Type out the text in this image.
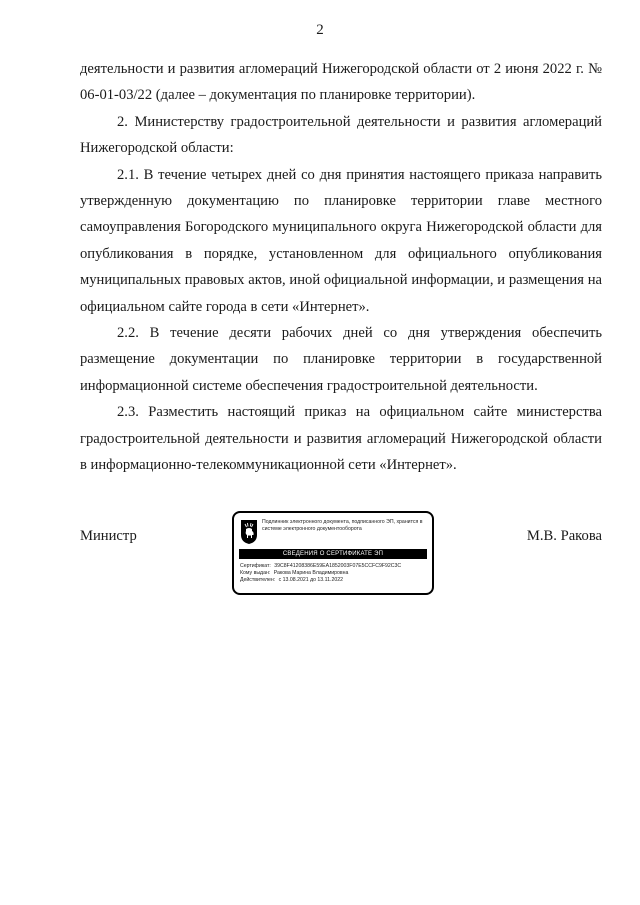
2

деятельности и развития агломераций Нижегородской области от 2 июня 2022 г. № 06-01-03/22 (далее – документация по планировке территории).

2. Министерству градостроительной деятельности и развития агломераций Нижегородской области:

2.1. В течение четырех дней со дня принятия настоящего приказа направить утвержденную документацию по планировке территории главе местного самоуправления Богородского муниципального округа Нижегородской области для опубликования в порядке, установленном для официального опубликования муниципальных правовых актов, иной официальной информации, и размещения на официальном сайте города в сети «Интернет».

2.2. В течение десяти рабочих дней со дня утверждения обеспечить размещение документации по планировке территории в государственной информационной системе обеспечения градостроительной деятельности.

2.3. Разместить настоящий приказ на официальном сайте министерства градостроительной деятельности и развития агломераций Нижегородской области в информационно-телекоммуникационной сети «Интернет».

Министр
Подлинник электронного документа, подписанного ЭП, хранится в системе электронного документооборота
СВЕДЕНИЯ О СЕРТИФИКАТЕ ЭП
Сертификат: 39C8F41208386E59EA1852003F07E5CCFC9F92C3C
Кому выдан: Ракова Марина Владимировна
Действителен: с 13.08.2021 до 13.11.2022
М.В. Ракова
